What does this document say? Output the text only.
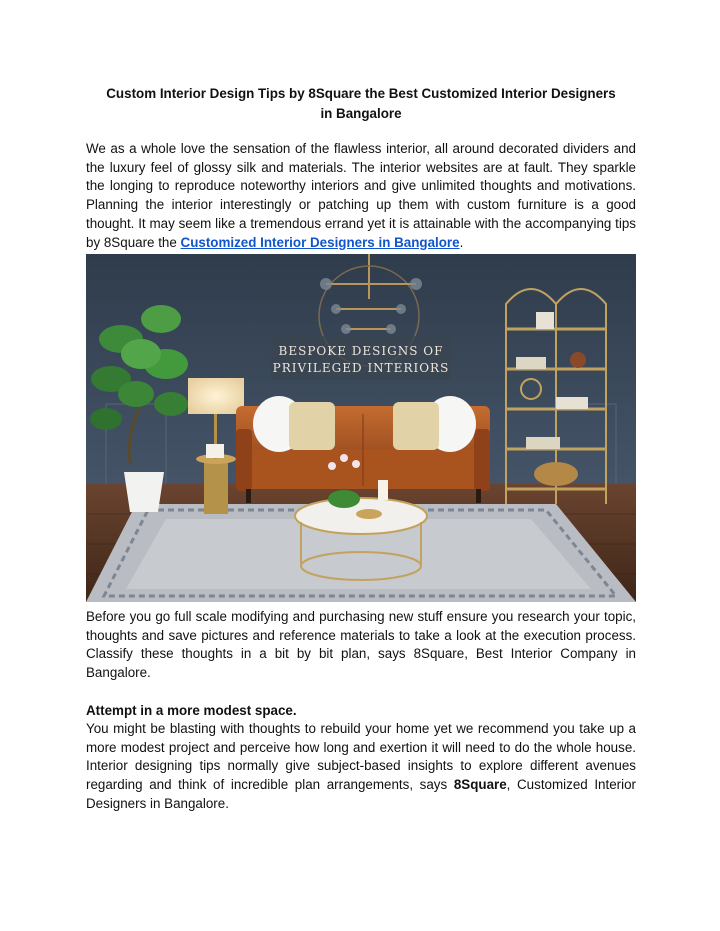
Custom Interior Design Tips by 8Square the Best Customized Interior Designers
in Bangalore

We as a whole love the sensation of the flawless interior, all around decorated dividers and the luxury feel of glossy silk and materials. The interior websites are at fault. They sparkle the longing to reproduce noteworthy interiors and give unlimited thoughts and motivations. Planning the interior interestingly or patching up them with custom furniture is a good thought. It may seem like a tremendous errand yet it is attainable with the accompanying tips by 8Square the Customized Interior Designers in Bangalore.

BESPOKE DESIGNS OF
PRIVILEGED INTERIORS

Before you go full scale modifying and purchasing new stuff ensure you research your topic, thoughts and save pictures and reference materials to take a look at the execution process. Classify these thoughts in a bit by bit plan, says 8Square, Best Interior Company in Bangalore.

Attempt in a more modest space.

You might be blasting with thoughts to rebuild your home yet we recommend you take up a more modest project and perceive how long and exertion it will need to do the whole house. Interior designing tips normally give subject-based insights to explore different avenues regarding and think of incredible plan arrangements, says 8Square, Customized Interior Designers in Bangalore.
